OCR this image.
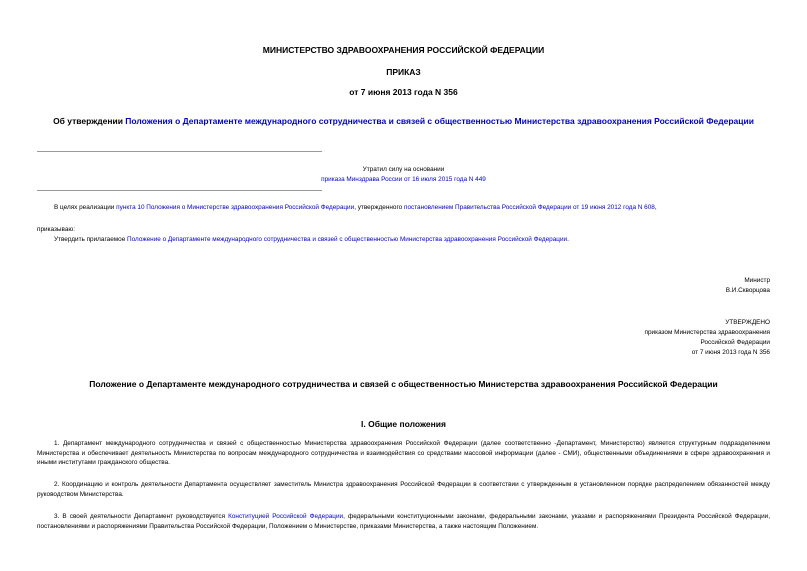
МИНИСТЕРСТВО ЗДРАВООХРАНЕНИЯ РОССИЙСКОЙ ФЕДЕРАЦИИ
ПРИКАЗ
от 7 июня 2013 года N 356
Об утверждении Положения о Департаменте международного сотрудничества и связей с общественностью Министерства здравоохранения Российской Федерации
Утратил силу на основании
приказа Минздрава России от 16 июля 2015 года N 449
В целях реализации пункта 10 Положения о Министерстве здравоохранения Российской Федерации, утвержденного постановлением Правительства Российской Федерации от 19 июня 2012 года N 608,
приказываю:
Утвердить прилагаемое Положение о Департаменте международного сотрудничества и связей с общественностью Министерства здравоохранения Российской Федерации.
Министр
В.И.Скворцова
УТВЕРЖДЕНО
приказом Министерства здравоохранения
Российской Федерации
от 7 июня 2013 года N 356
Положение о Департаменте международного сотрудничества и связей с общественностью Министерства здравоохранения Российской Федерации
I. Общие положения
1. Департамент международного сотрудничества и связей с общественностью Министерства здравоохранения Российской Федерации (далее соответственно -Департамент, Министерство) является структурным подразделением Министерства и обеспечивает деятельность Министерства по вопросам международного сотрудничества и взаимодействия со средствами массовой информации (далее - СМИ), общественными объединениями в сфере здравоохранения и иными институтами гражданского общества.
2. Координацию и контроль деятельности Департамента осуществляет заместитель Министра здравоохранения Российской Федерации в соответствии с утвержденным в установленном порядке распределением обязанностей между руководством Министерства.
3. В своей деятельности Департамент руководствуется Конституцией Российской Федерации, федеральными конституционными законами, федеральными законами, указами и распоряжениями Президента Российской Федерации, постановлениями и распоряжениями Правительства Российской Федерации, Положением о Министерстве, приказами Министерства, а также настоящим Положением.
